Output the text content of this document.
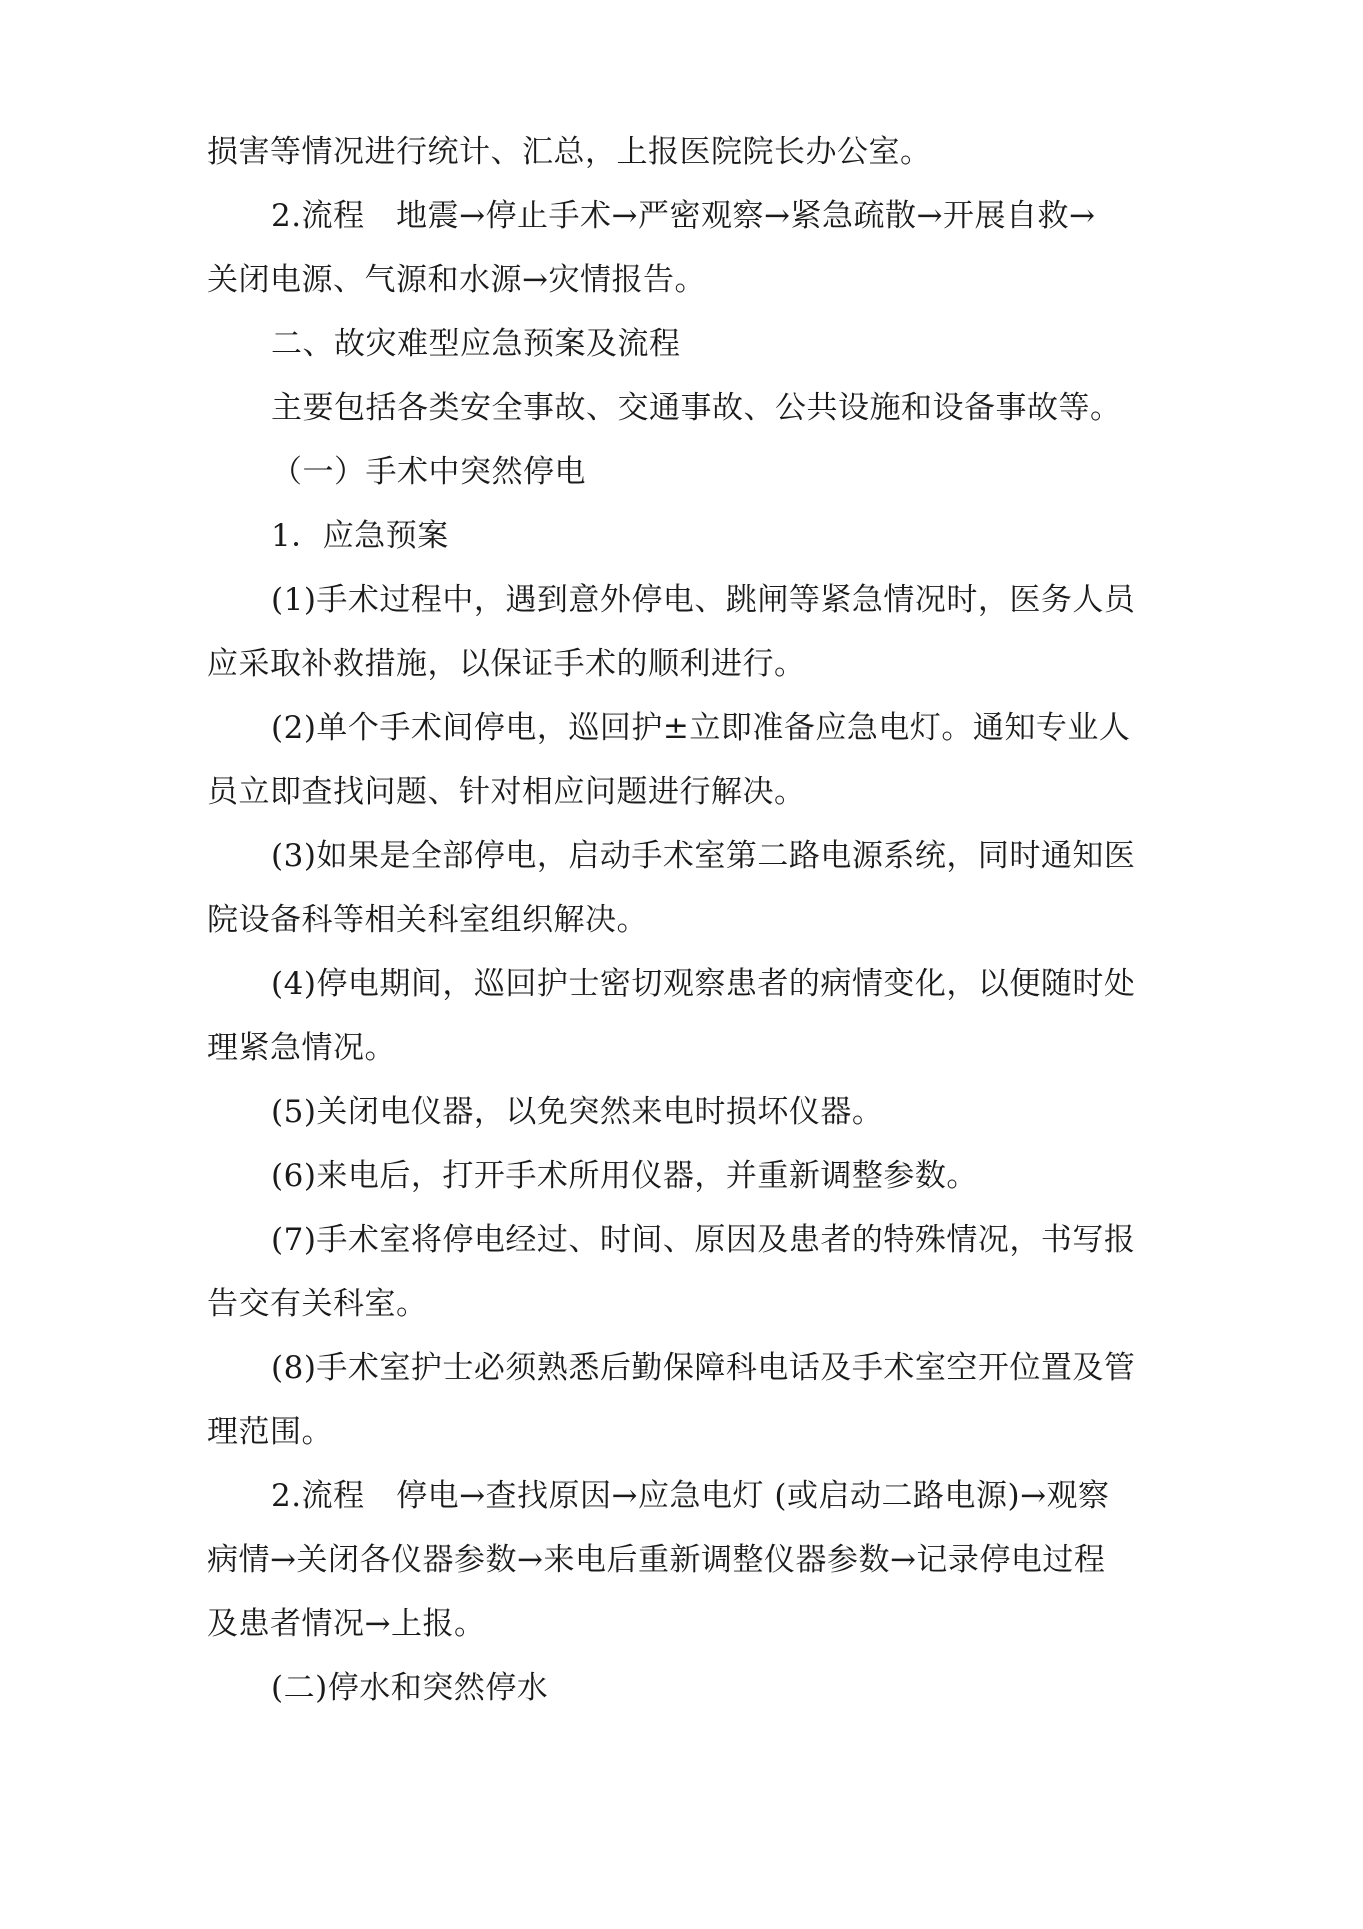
损害等情况进行统计、汇总，上报医院院长办公室。
2.流程　地震→停止手术→严密观察→紧急疏散→开展自救→
关闭电源、气源和水源→灾情报告。
二、故灾难型应急预案及流程
主要包括各类安全事故、交通事故、公共设施和设备事故等。
（一）手术中突然停电
1．应急预案
(1)手术过程中，遇到意外停电、跳闸等紧急情况时，医务人员
应采取补救措施，以保证手术的顺利进行。
(2)单个手术间停电，巡回护±立即准备应急电灯。通知专业人
员立即查找问题、针对相应问题进行解决。
(3)如果是全部停电，启动手术室第二路电源系统，同时通知医
院设备科等相关科室组织解决。
(4)停电期间，巡回护士密切观察患者的病情变化，以便随时处
理紧急情况。
(5)关闭电仪器，以免突然来电时损坏仪器。
(6)来电后，打开手术所用仪器，并重新调整参数。
(7)手术室将停电经过、时间、原因及患者的特殊情况，书写报
告交有关科室。
(8)手术室护士必须熟悉后勤保障科电话及手术室空开位置及管
理范围。
2.流程　停电→查找原因→应急电灯 (或启动二路电源)→观察
病情→关闭各仪器参数→来电后重新调整仪器参数→记录停电过程
及患者情况→上报。
(二)停水和突然停水
